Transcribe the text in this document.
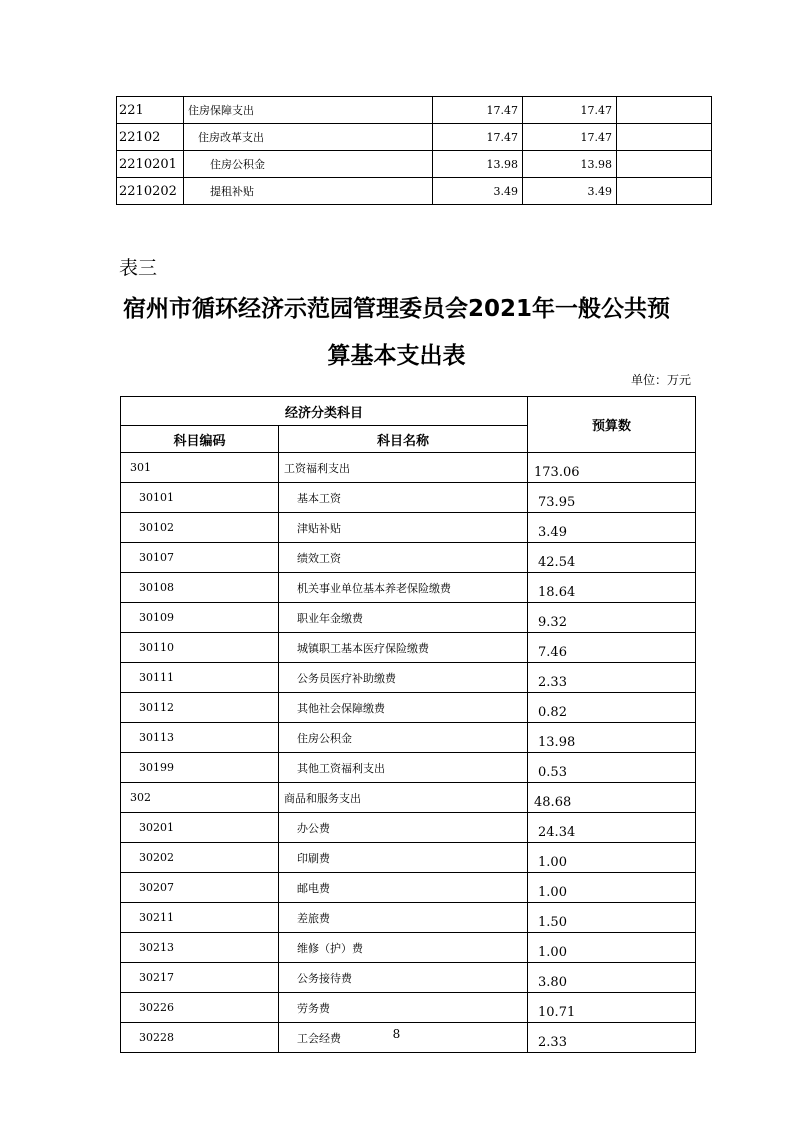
221	住房保障支出	17.47	17.47	
22102	住房改革支出	17.47	17.47	
2210201	住房公积金	13.98	13.98	
2210202	提租补贴	3.49	3.49	
表三
宿州市循环经济示范园管理委员会2021年一般公共预
算基本支出表
单位：万元
经济分类科目		预算数
科目编码	科目名称	
301	工资福利支出	173.06
30101	基本工资	73.95
30102	津贴补贴	3.49
30107	绩效工资	42.54
30108	机关事业单位基本养老保险缴费	18.64
30109	职业年金缴费	9.32
30110	城镇职工基本医疗保险缴费	7.46
30111	公务员医疗补助缴费	2.33
30112	其他社会保障缴费	0.82
30113	住房公积金	13.98
30199	其他工资福利支出	0.53
302	商品和服务支出	48.68
30201	办公费	24.34
30202	印刷费	1.00
30207	邮电费	1.00
30211	差旅费	1.50
30213	维修（护）费	1.00
30217	公务接待费	3.80
30226	劳务费	10.71
30228	工会经费	2.33
8
